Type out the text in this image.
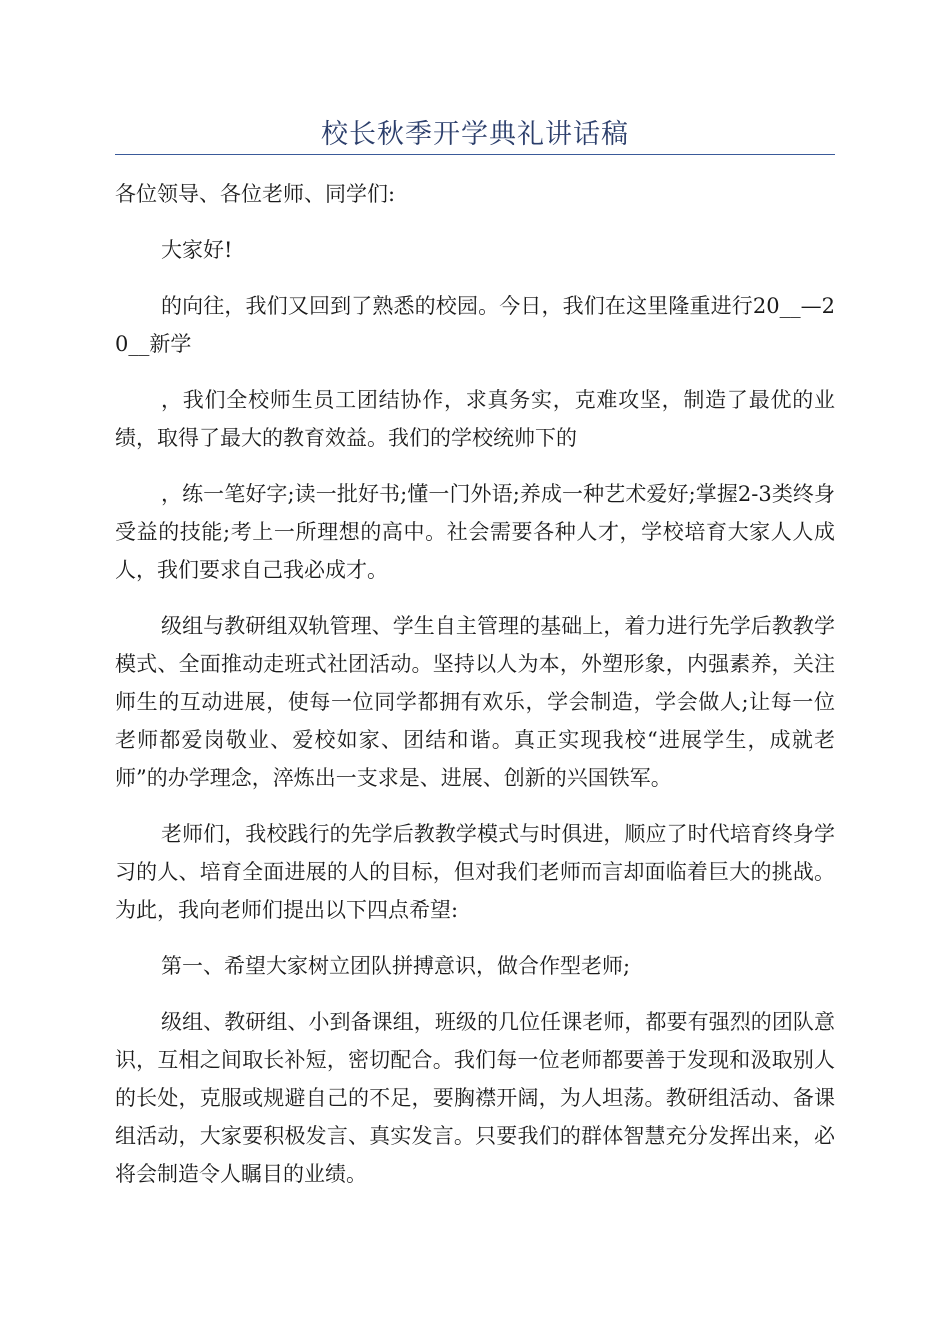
校长秋季开学典礼讲话稿

各位领导、各位老师、同学们:

大家好!

的向往，我们又回到了熟悉的校园。今日，我们在这里隆重进行20__—20__新学

，我们全校师生员工团结协作，求真务实，克难攻坚，制造了最优的业绩，取得了最大的教育效益。我们的学校统帅下的

，练一笔好字;读一批好书;懂一门外语;养成一种艺术爱好;掌握2-3类终身受益的技能;考上一所理想的高中。社会需要各种人才，学校培育大家人人成人，我们要求自己我必成才。

级组与教研组双轨管理、学生自主管理的基础上，着力进行先学后教教学模式、全面推动走班式社团活动。坚持以人为本，外塑形象，内强素养，关注师生的互动进展，使每一位同学都拥有欢乐，学会制造，学会做人;让每一位老师都爱岗敬业、爱校如家、团结和谐。真正实现我校“进展学生，成就老师”的办学理念，淬炼出一支求是、进展、创新的兴国铁军。

老师们，我校践行的先学后教教学模式与时俱进，顺应了时代培育终身学习的人、培育全面进展的人的目标，但对我们老师而言却面临着巨大的挑战。为此，我向老师们提出以下四点希望:

第一、希望大家树立团队拼搏意识，做合作型老师;

级组、教研组、小到备课组，班级的几位任课老师，都要有强烈的团队意识，互相之间取长补短，密切配合。我们每一位老师都要善于发现和汲取别人的长处，克服或规避自己的不足，要胸襟开阔，为人坦荡。教研组活动、备课组活动，大家要积极发言、真实发言。只要我们的群体智慧充分发挥出来，必将会制造令人瞩目的业绩。
